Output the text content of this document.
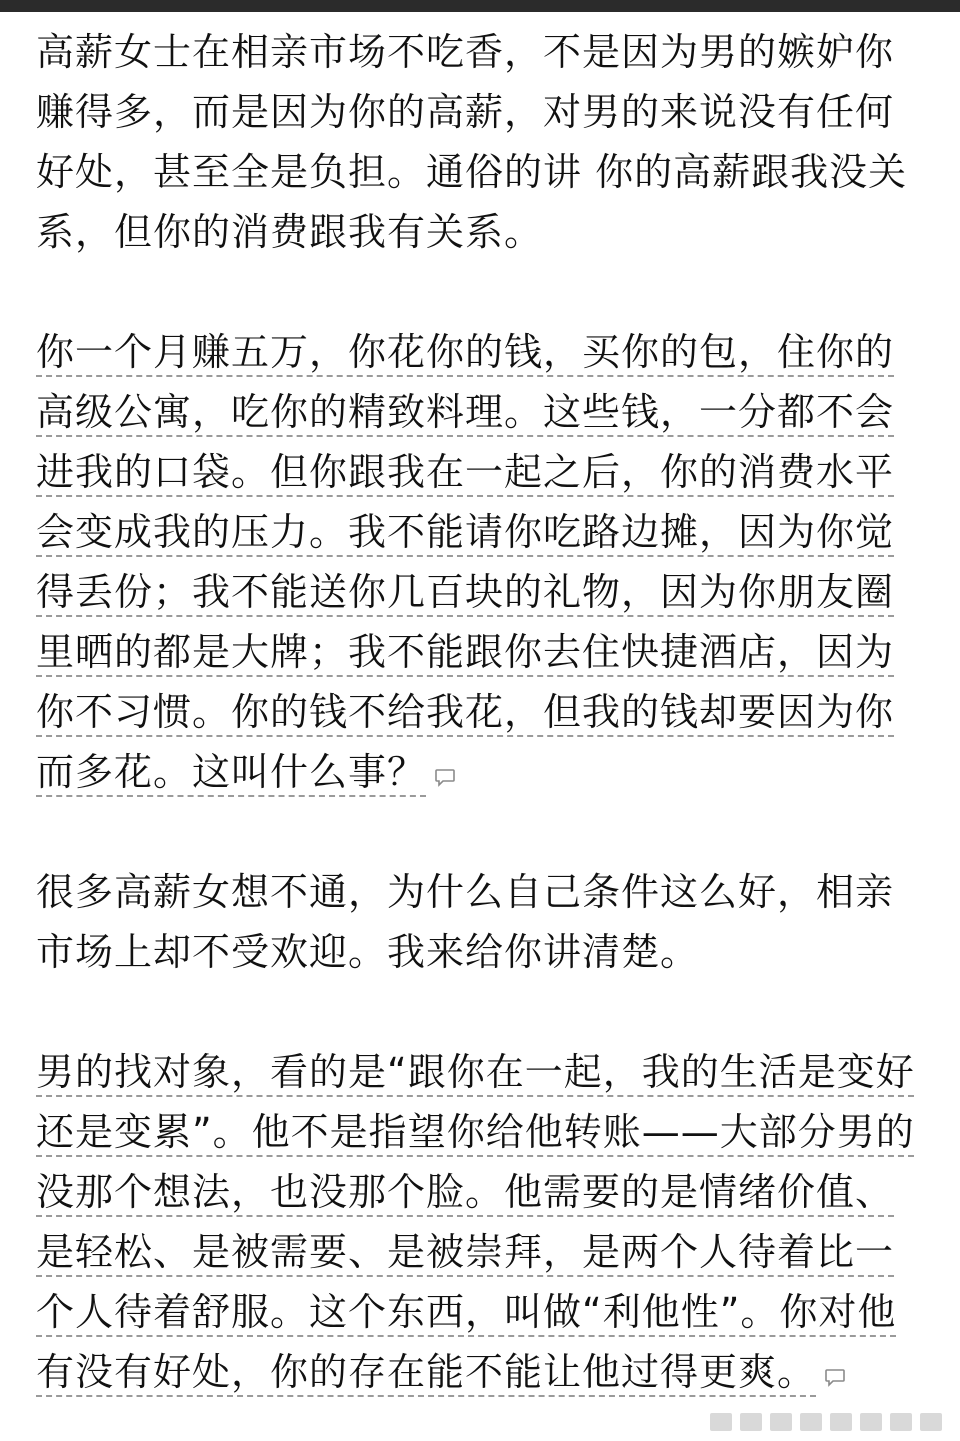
高薪女士在相亲市场不吃香，不是因为男的嫉妒你
赚得多，而是因为你的高薪，对男的来说没有任何
好处，甚至全是负担。通俗的讲 你的高薪跟我没关
系，但你的消费跟我有关系。
你一个月赚五万，你花你的钱，买你的包，住你的
高级公寓，吃你的精致料理。这些钱，一分都不会
进我的口袋。但你跟我在一起之后，你的消费水平
会变成我的压力。我不能请你吃路边摊，因为你觉
得丢份；我不能送你几百块的礼物，因为你朋友圈
里晒的都是大牌；我不能跟你去住快捷酒店，因为
你不习惯。你的钱不给我花，但我的钱却要因为你
而多花。这叫什么事？
很多高薪女想不通，为什么自己条件这么好，相亲
市场上却不受欢迎。我来给你讲清楚。
男的找对象，看的是“跟你在一起，我的生活是变好
还是变累”。他不是指望你给他转账——大部分男的
没那个想法，也没那个脸。他需要的是情绪价值、
是轻松、是被需要、是被崇拜，是两个人待着比一
个人待着舒服。这个东西，叫做“利他性”。你对他
有没有好处，你的存在能不能让他过得更爽。
